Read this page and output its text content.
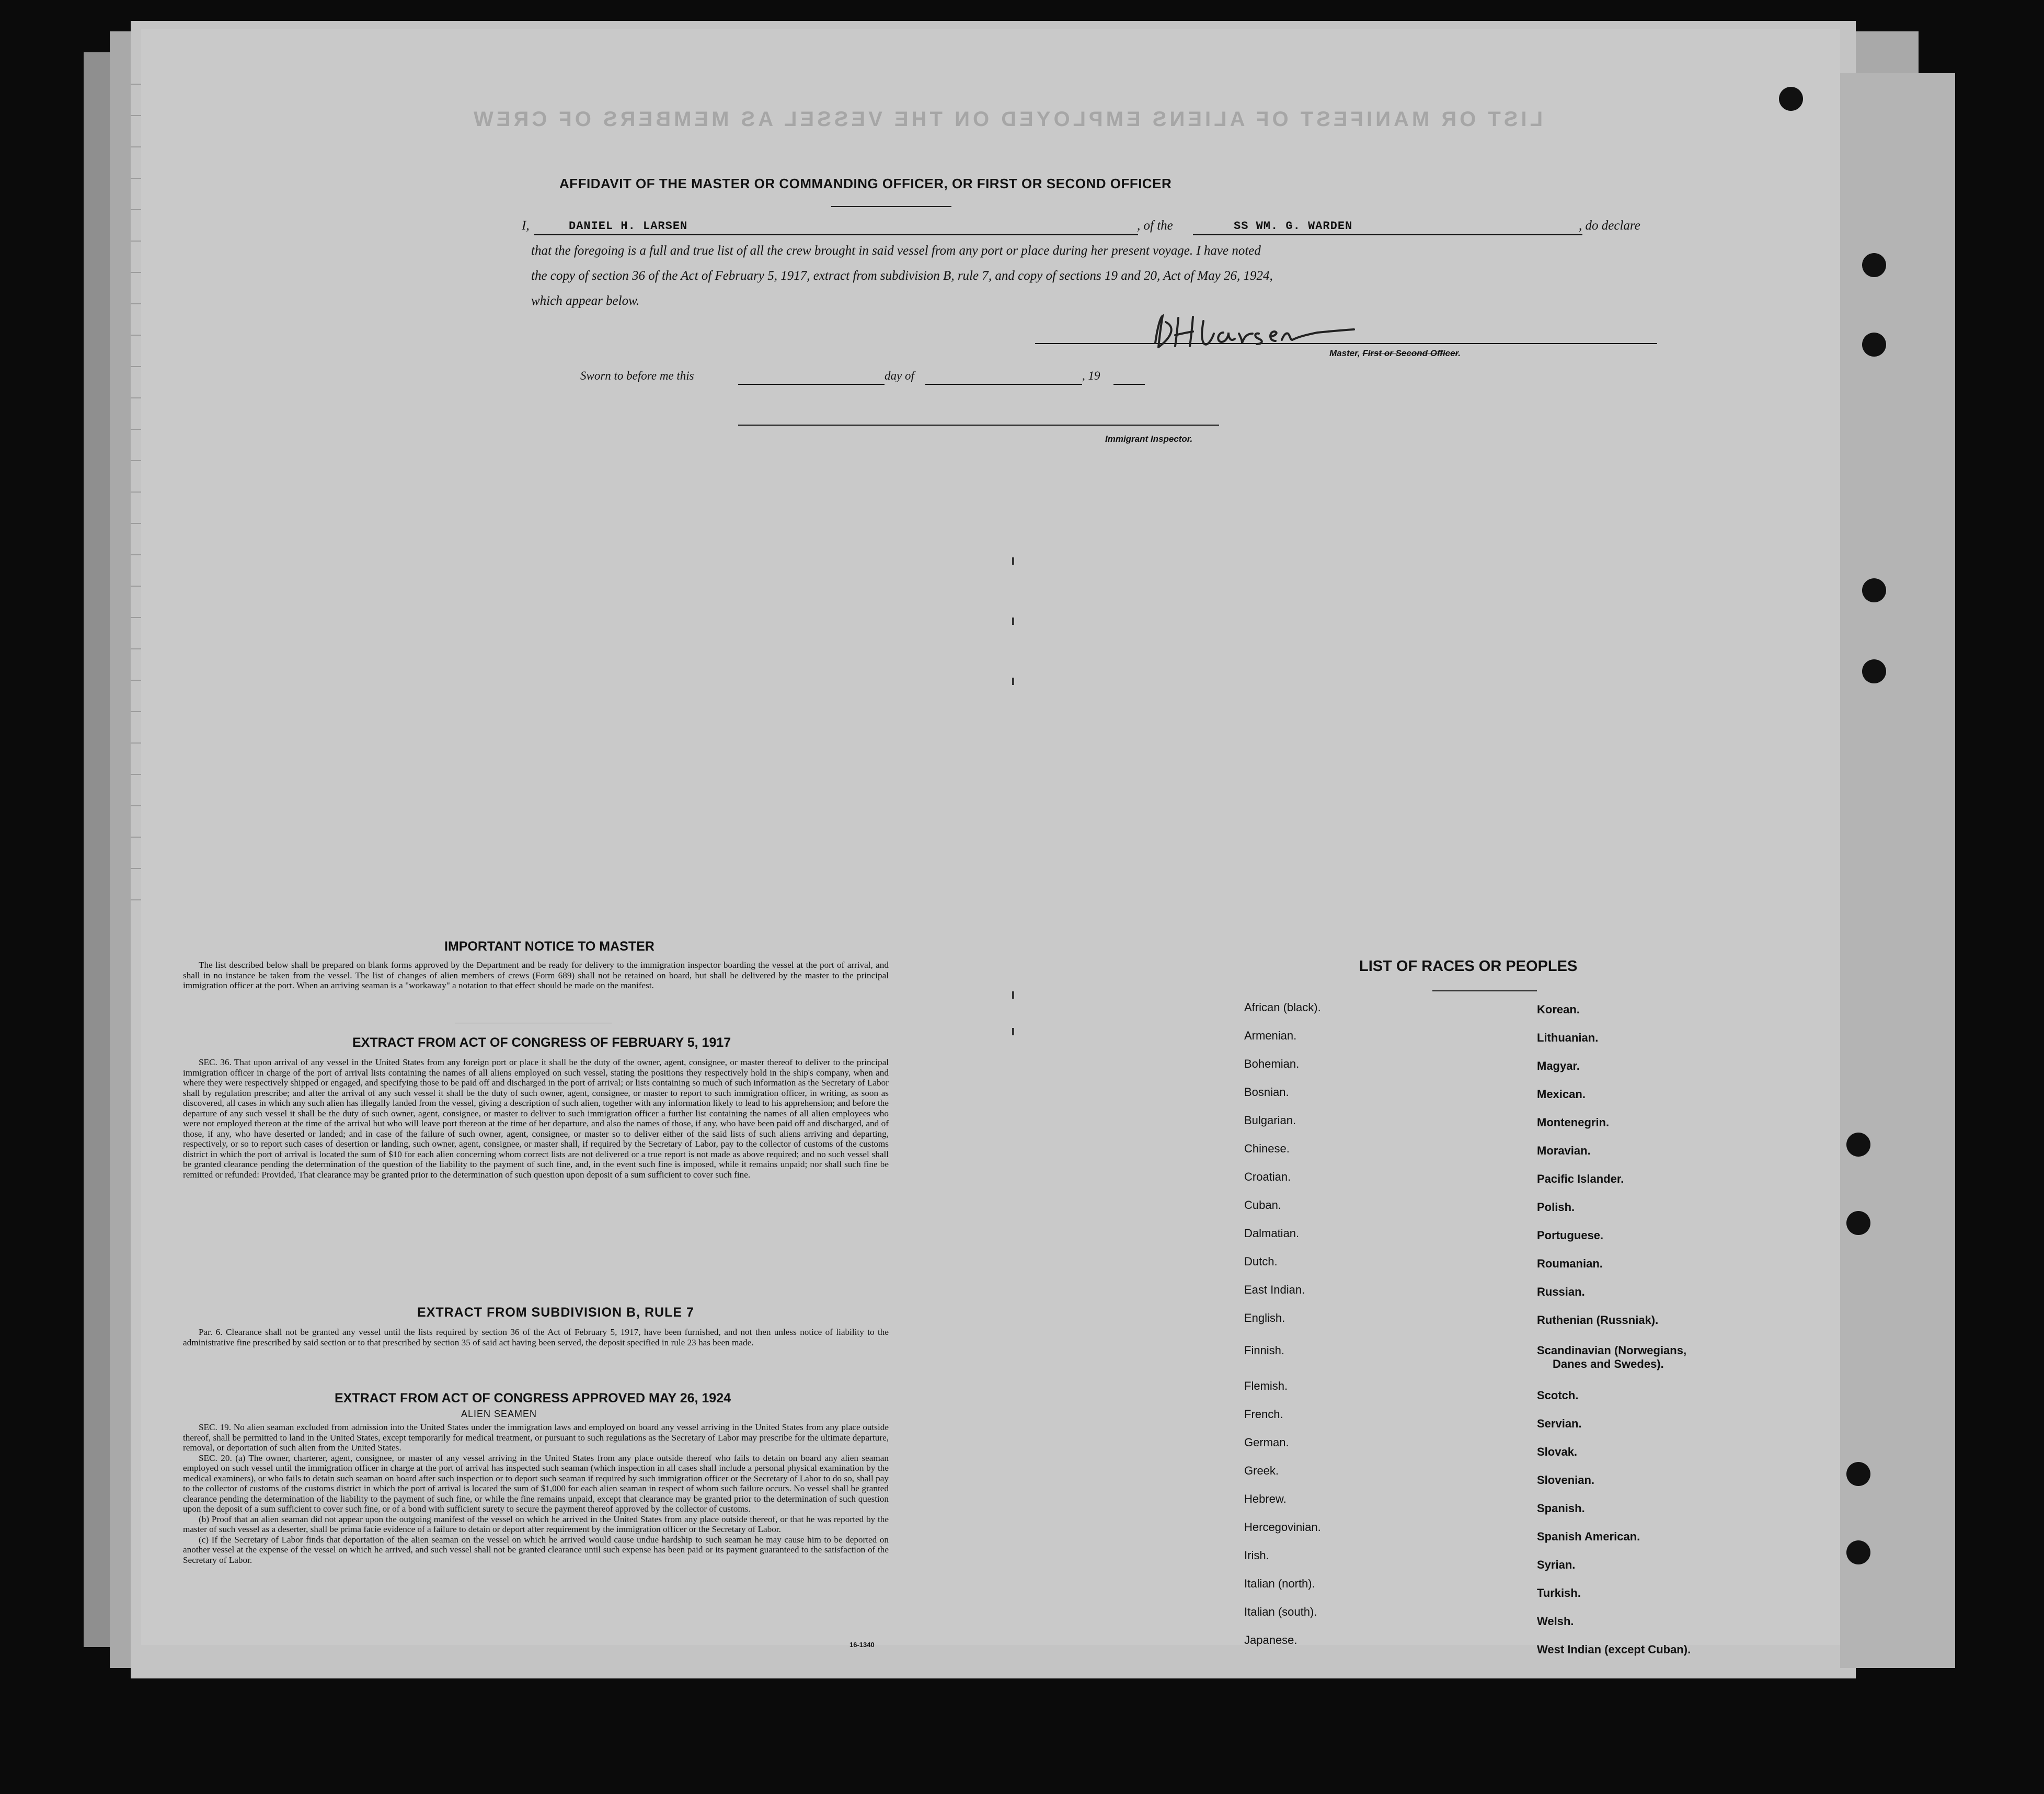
LIST OR MANIFEST OF ALIENS EMPLOYED ON THE VESSEL AS MEMBERS OF CREW
AFFIDAVIT OF THE MASTER OR COMMANDING OFFICER, OR FIRST OR SECOND OFFICER
I,	DANIEL H. LARSEN	, of the	SS WM. G. WARDEN	, do declare
that the foregoing is a full and true list of all the crew brought in said vessel from any port or place during her present voyage. I have noted
the copy of section 36 of the Act of February 5, 1917, extract from subdivision B, rule 7, and copy of sections 19 and 20, Act of May 26, 1924,
which appear below.
Master, First or Second Officer.
Sworn to before me this	day of	, 19
Immigrant Inspector.
IMPORTANT NOTICE TO MASTER

The list described below shall be prepared on blank forms approved by the Department and be ready for delivery to the immigration inspector boarding the vessel at the port of arrival, and shall in no instance be taken from the vessel. The list of changes of alien members of crews (Form 689) shall not be retained on board, but shall be delivered by the master to the principal immigration officer at the port. When an arriving seaman is a "workaway" a notation to that effect should be made on the manifest.

EXTRACT FROM ACT OF CONGRESS OF FEBRUARY 5, 1917

SEC. 36. That upon arrival of any vessel in the United States from any foreign port or place it shall be the duty of the owner, agent, consignee, or master thereof to deliver to the principal immigration officer in charge of the port of arrival lists containing the names of all aliens employed on such vessel, stating the positions they respectively hold in the ship's company, when and where they were respectively shipped or engaged, and specifying those to be paid off and discharged in the port of arrival; or lists containing so much of such information as the Secretary of Labor shall by regulation prescribe; and after the arrival of any such vessel it shall be the duty of such owner, agent, consignee, or master to report to such immigration officer, in writing, as soon as discovered, all cases in which any such alien has illegally landed from the vessel, giving a description of such alien, together with any information likely to lead to his apprehension; and before the departure of any such vessel it shall be the duty of such owner, agent, consignee, or master to deliver to such immigration officer a further list containing the names of all alien employees who were not employed thereon at the time of the arrival but who will leave port thereon at the time of her departure, and also the names of those, if any, who have been paid off and discharged, and of those, if any, who have deserted or landed; and in case of the failure of such owner, agent, consignee, or master so to deliver either of the said lists of such aliens arriving and departing, respectively, or so to report such cases of desertion or landing, such owner, agent, consignee, or master shall, if required by the Secretary of Labor, pay to the collector of customs of the customs district in which the port of arrival is located the sum of $10 for each alien concerning whom correct lists are not delivered or a true report is not made as above required; and no such vessel shall be granted clearance pending the determination of the question of the liability to the payment of such fine, and, in the event such fine is imposed, while it remains unpaid; nor shall such fine be remitted or refunded: Provided, That clearance may be granted prior to the determination of such question upon deposit of a sum sufficient to cover such fine.

EXTRACT FROM SUBDIVISION B, RULE 7

Par. 6. Clearance shall not be granted any vessel until the lists required by section 36 of the Act of February 5, 1917, have been furnished, and not then unless notice of liability to the administrative fine prescribed by said section or to that prescribed by section 35 of said act having been served, the deposit specified in rule 23 has been made.

EXTRACT FROM ACT OF CONGRESS APPROVED MAY 26, 1924
ALIEN SEAMEN

SEC. 19. No alien seaman excluded from admission into the United States under the immigration laws and employed on board any vessel arriving in the United States from any place outside thereof, shall be permitted to land in the United States, except temporarily for medical treatment, or pursuant to such regulations as the Secretary of Labor may prescribe for the ultimate departure, removal, or deportation of such alien from the United States.

SEC. 20. (a) The owner, charterer, agent, consignee, or master of any vessel arriving in the United States from any place outside thereof who fails to detain on board any alien seaman employed on such vessel until the immigration officer in charge at the port of arrival has inspected such seaman (which inspection in all cases shall include a personal physical examination by the medical examiners), or who fails to detain such seaman on board after such inspection or to deport such seaman if required by such immigration officer or the Secretary of Labor to do so, shall pay to the collector of customs of the customs district in which the port of arrival is located the sum of $1,000 for each alien seaman in respect of whom such failure occurs. No vessel shall be granted clearance pending the determination of the liability to the payment of such fine, or while the fine remains unpaid, except that clearance may be granted prior to the determination of such question upon the deposit of a sum sufficient to cover such fine, or of a bond with sufficient surety to secure the payment thereof approved by the collector of customs.

(b) Proof that an alien seaman did not appear upon the outgoing manifest of the vessel on which he arrived in the United States from any place outside thereof, or that he was reported by the master of such vessel as a deserter, shall be prima facie evidence of a failure to detain or deport after requirement by the immigration officer or the Secretary of Labor.

(c) If the Secretary of Labor finds that deportation of the alien seaman on the vessel on which he arrived would cause undue hardship to such seaman he may cause him to be deported on another vessel at the expense of the vessel on which he arrived, and such vessel shall not be granted clearance until such expense has been paid or its payment guaranteed to the satisfaction of the Secretary of Labor.

16-1340
LIST OF RACES OR PEOPLES
African (black).
Armenian.
Bohemian.
Bosnian.
Bulgarian.
Chinese.
Croatian.
Cuban.
Dalmatian.
Dutch.
East Indian.
English.
Finnish.
Flemish.
French.
German.
Greek.
Hebrew.
Hercegovinian.
Irish.
Italian (north).
Italian (south).
Japanese.
Korean.
Lithuanian.
Magyar.
Mexican.
Montenegrin.
Moravian.
Pacific Islander.
Polish.
Portuguese.
Roumanian.
Russian.
Ruthenian (Russniak).
Scandinavian (Norwegians,
Scotch.
Servian.
Slovak.
Slovenian.
Spanish.
Spanish American.
Syrian.
Turkish.
Welsh.
West Indian (except Cuban).
Danes and Swedes).
